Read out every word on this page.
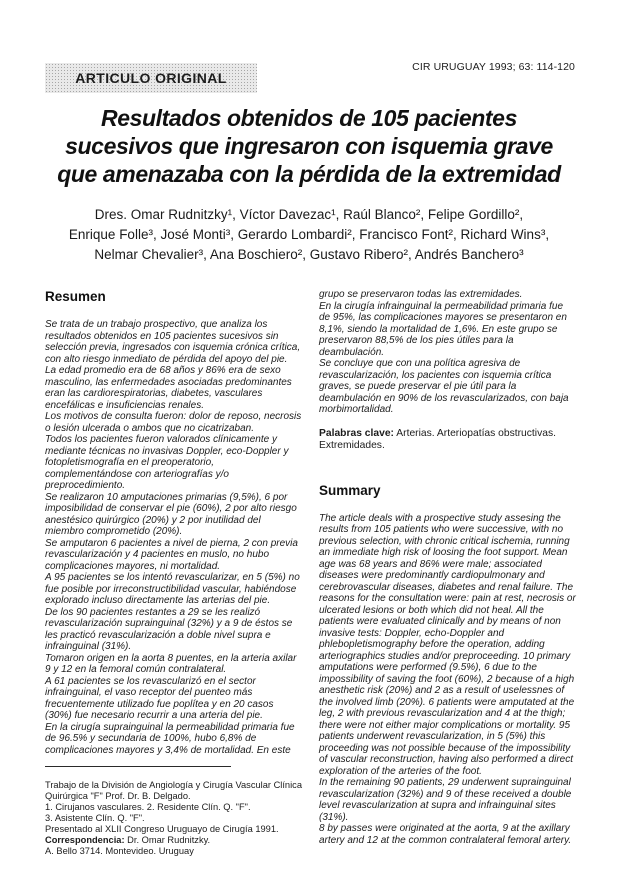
ARTICULO ORIGINAL
CIR URUGUAY 1993; 63: 114-120
Resultados obtenidos de 105 pacientes
sucesivos que ingresaron con isquemia grave
que amenazaba con la pérdida de la extremidad
Dres. Omar Rudnitzky¹, Víctor Davezac¹, Raúl Blanco², Felipe Gordillo²,
Enrique Folle³, José Monti³, Gerardo Lombardi², Francisco Font², Richard Wins³,
Nelmar Chevalier³, Ana Boschiero², Gustavo Ribero², Andrés Banchero³
Resumen

Se trata de un trabajo prospectivo, que analiza los resultados obtenidos en 105 pacientes sucesivos sin selección previa, ingresados con isquemia crónica crítica, con alto riesgo inmediato de pérdida del apoyo del pie.

La edad promedio era de 68 años y 86% era de sexo masculino, las enfermedades asociadas predominantes eran las cardiorespiratorias, diabetes, vasculares encefálicas e insuficiencias renales.

Los motivos de consulta fueron: dolor de reposo, necrosis o lesión ulcerada o ambos que no cicatrizaban.

Todos los pacientes fueron valorados clínicamente y mediante técnicas no invasivas Doppler, eco-Doppler y fotopletismografía en el preoperatorio, complementándose con arteriografías y/o preprocedimiento.

Se realizaron 10 amputaciones primarias (9,5%), 6 por imposibilidad de conservar el pie (60%), 2 por alto riesgo anestésico quirúrgico (20%) y 2 por inutilidad del miembro comprometido (20%).

Se amputaron 6 pacientes a nivel de pierna, 2 con previa revascularización y 4 pacientes en muslo, no hubo complicaciones mayores, ni mortalidad.

A 95 pacientes se los intentó revascularizar, en 5 (5%) no fue posible por irreconstructibilidad vascular, habiéndose explorado incluso directamente las arterias del pie.

De los 90 pacientes restantes a 29 se les realizó revascularización suprainguinal (32%) y a 9 de éstos se les practicó revascularización a doble nivel supra e infrainguinal (31%).

Tomaron origen en la aorta 8 puentes, en la arteria axilar 9 y 12 en la femoral común contralateral.

A 61 pacientes se los revascularizó en el sector infrainguinal, el vaso receptor del puenteo más frecuentemente utilizado fue poplítea y en 20 casos (30%) fue necesario recurrir a una arteria del pie.

En la cirugía suprainguinal la permeabilidad primaria fue de 96.5% y secundaria de 100%, hubo 6,8% de complicaciones mayores y 3,4% de mortalidad. En este

Trabajo de la División de Angiología y Cirugía Vascular Clínica Quirúrgica "F" Prof. Dr. B. Delgado.
1. Cirujanos vasculares. 2. Residente Clín. Q. "F".
3. Asistente Clín. Q. "F".
Presentado al XLII Congreso Uruguayo de Cirugía 1991.
Correspondencia: Dr. Omar Rudnitzky.
A. Bello 3714. Montevideo. Uruguay

grupo se preservaron todas las extremidades.

En la cirugía infrainguinal la permeabilidad primaria fue de 95%, las complicaciones mayores se presentaron en 8,1%, siendo la mortalidad de 1,6%. En este grupo se preservaron 88,5% de los pies útiles para la deambulación.

Se concluye que con una política agresiva de revascularización, los pacientes con isquemia crítica graves, se puede preservar el pie útil para la deambulación en 90% de los revascularizados, con baja morbimortalidad.

Palabras clave: Arterias. Arteriopatías obstructivas. Extremidades.
Summary

The article deals with a prospective study assesing the results from 105 patients who were successive, with no previous selection, with chronic critical ischemia, running an immediate high risk of loosing the foot support. Mean age was 68 years and 86% were male; associated diseases were predominantly cardiopulmonary and cerebrovascular diseases, diabetes and renal failure. The reasons for the consultation were: pain at rest, necrosis or ulcerated lesions or both which did not heal. All the patients were evaluated clinically and by means of non invasive tests: Doppler, echo-Doppler and phlebopletismography before the operation, adding arteriographics studies and/or preproceeding. 10 primary amputations were performed (9.5%), 6 due to the impossibility of saving the foot (60%), 2 because of a high anesthetic risk (20%) and 2 as a result of uselessnes of the involved limb (20%). 6 patients were amputated at the leg, 2 with previous revascularization and 4 at the thigh; there were not either major complications or mortality. 95 patients underwent revascularization, in 5 (5%) this proceeding was not possible because of the impossibility of vascular reconstruction, having also performed a direct exploration of the arteries of the foot.

In the remaining 90 patients, 29 underwent suprainguinal revascularization (32%) and 9 of these received a double level revascularization at supra and infrainguinal sites (31%).

8 by passes were originated at the aorta, 9 at the axillary artery and 12 at the common contralateral femoral artery.
